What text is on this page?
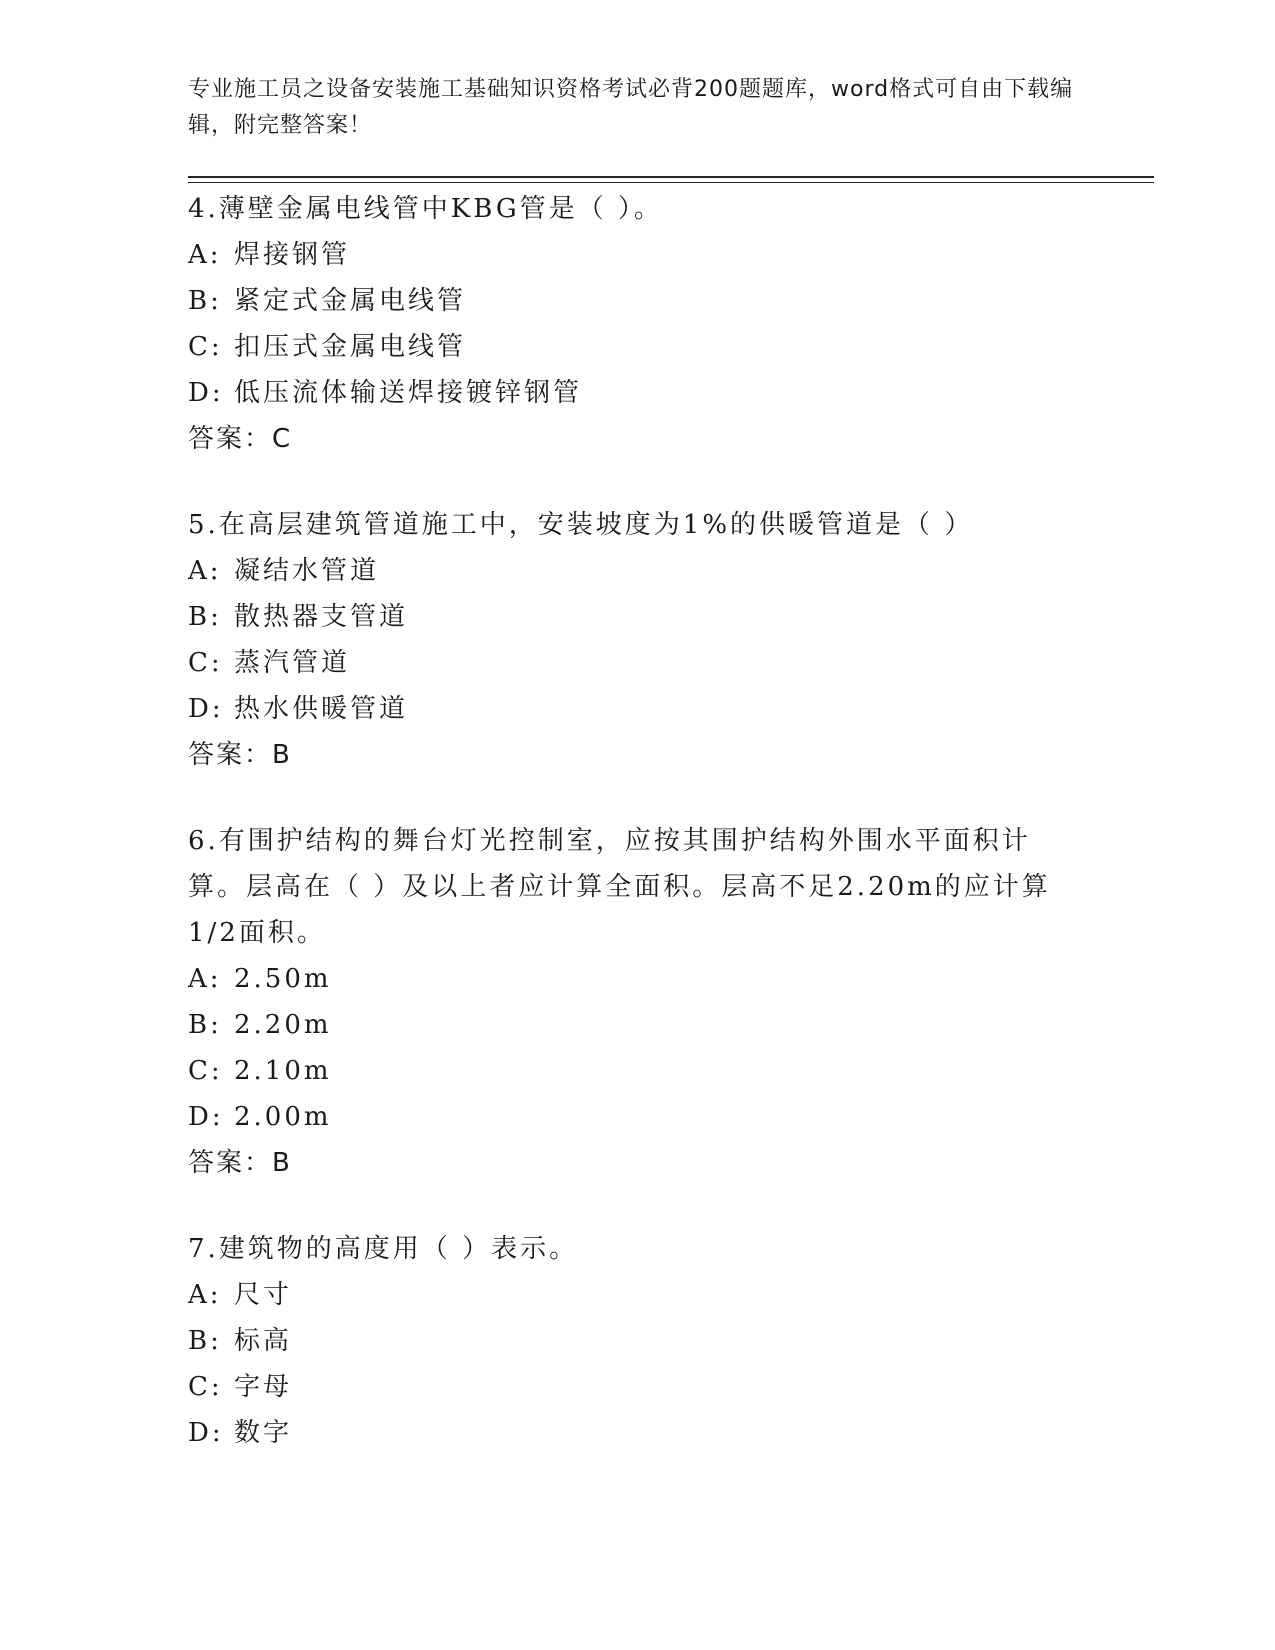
专业施工员之设备安装施工基础知识资格考试必背200题题库，word格式可自由下载编辑，附完整答案！

4.薄壁金属电线管中KBG管是（ ）。

A: 焊接钢管
B: 紧定式金属电线管
C: 扣压式金属电线管
D: 低压流体输送焊接镀锌钢管

答案：C

5.在高层建筑管道施工中，安装坡度为1%的供暖管道是（ ）

A: 凝结水管道
B: 散热器支管道
C: 蒸汽管道
D: 热水供暖管道

答案：B

6.有围护结构的舞台灯光控制室，应按其围护结构外围水平面积计算。层高在（ ）及以上者应计算全面积。层高不足2.20m的应计算1/2面积。

A: 2.50m
B: 2.20m
C: 2.10m
D: 2.00m

答案：B

7.建筑物的高度用（ ）表示。

A: 尺寸
B: 标高
C: 字母
D: 数字
